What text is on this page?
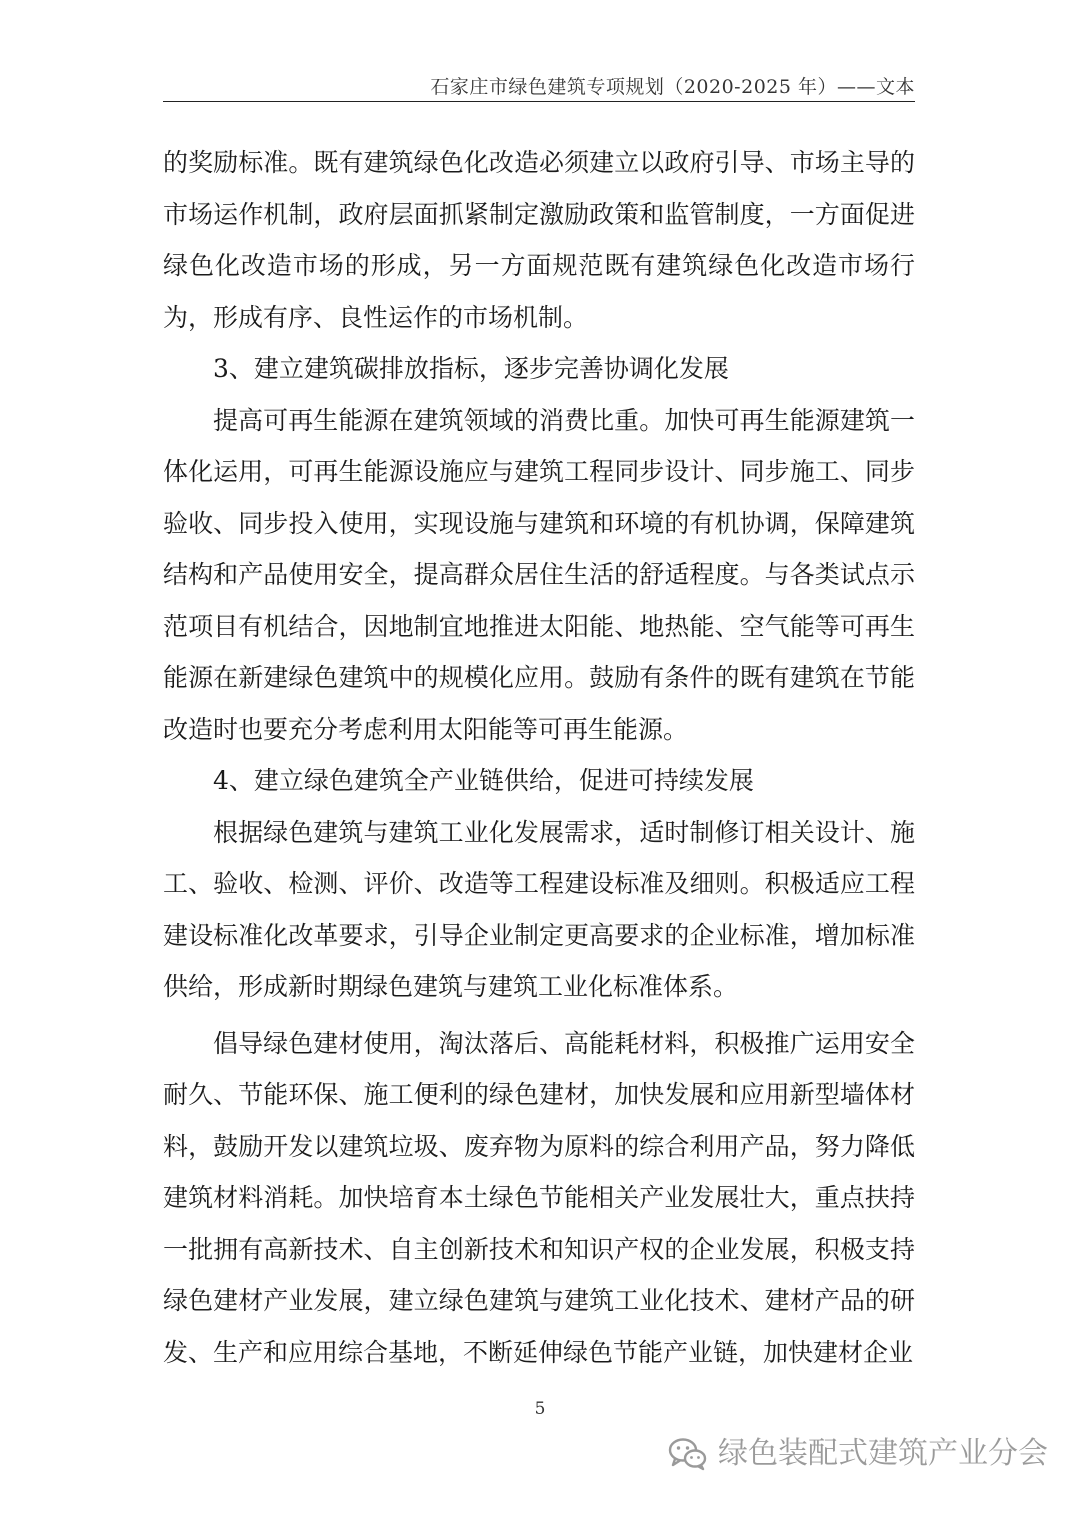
石家庄市绿色建筑专项规划（2020-2025 年）——文本

的奖励标准。既有建筑绿色化改造必须建立以政府引导、市场主导的市场运作机制，政府层面抓紧制定激励政策和监管制度，一方面促进绿色化改造市场的形成，另一方面规范既有建筑绿色化改造市场行为，形成有序、良性运作的市场机制。

3、建立建筑碳排放指标，逐步完善协调化发展

提高可再生能源在建筑领域的消费比重。加快可再生能源建筑一体化运用，可再生能源设施应与建筑工程同步设计、同步施工、同步验收、同步投入使用，实现设施与建筑和环境的有机协调，保障建筑结构和产品使用安全，提高群众居住生活的舒适程度。与各类试点示范项目有机结合，因地制宜地推进太阳能、地热能、空气能等可再生能源在新建绿色建筑中的规模化应用。鼓励有条件的既有建筑在节能改造时也要充分考虑利用太阳能等可再生能源。

4、建立绿色建筑全产业链供给，促进可持续发展

根据绿色建筑与建筑工业化发展需求，适时制修订相关设计、施工、验收、检测、评价、改造等工程建设标准及细则。积极适应工程建设标准化改革要求，引导企业制定更高要求的企业标准，增加标准供给，形成新时期绿色建筑与建筑工业化标准体系。

倡导绿色建材使用，淘汰落后、高能耗材料，积极推广运用安全耐久、节能环保、施工便利的绿色建材，加快发展和应用新型墙体材料，鼓励开发以建筑垃圾、废弃物为原料的综合利用产品，努力降低建筑材料消耗。加快培育本土绿色节能相关产业发展壮大，重点扶持一批拥有高新技术、自主创新技术和知识产权的企业发展，积极支持绿色建材产业发展，建立绿色建筑与建筑工业化技术、建材产品的研发、生产和应用综合基地，不断延伸绿色节能产业链，加快建材企业

5
绿色装配式建筑产业分会
